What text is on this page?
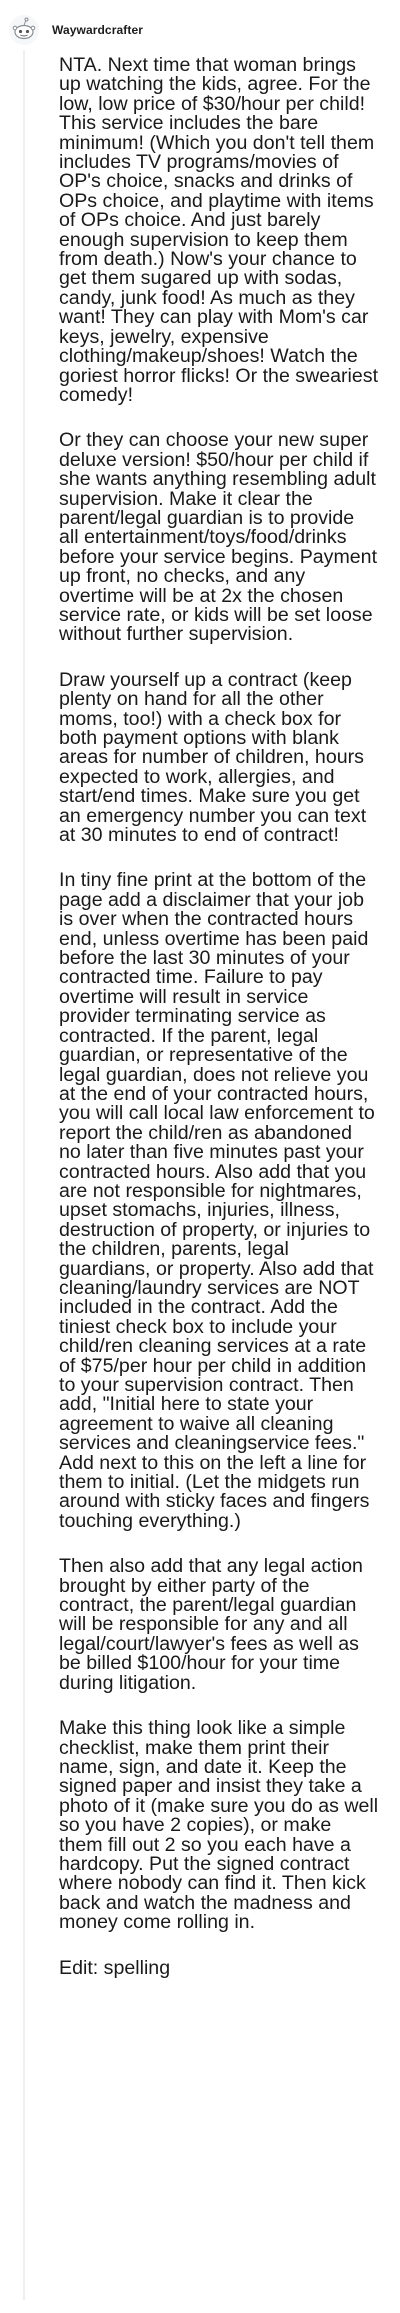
Waywardcrafter

NTA. Next time that woman brings up watching the kids, agree. For the low, low price of $30/hour per child! This service includes the bare minimum! (Which you don't tell them includes TV programs/movies of OP's choice, snacks and drinks of OPs choice, and playtime with items of OPs choice. And just barely enough supervision to keep them from death.) Now's your chance to get them sugared up with sodas, candy, junk food! As much as they want! They can play with Mom's car keys, jewelry, expensive clothing/makeup/shoes! Watch the goriest horror flicks! Or the sweariest comedy!

Or they can choose your new super deluxe version! $50/hour per child if she wants anything resembling adult supervision. Make it clear the parent/legal guardian is to provide all entertainment/toys/food/drinks before your service begins. Payment up front, no checks, and any overtime will be at 2x the chosen service rate, or kids will be set loose without further supervision.

Draw yourself up a contract (keep plenty on hand for all the other moms, too!) with a check box for both payment options with blank areas for number of children, hours expected to work, allergies, and start/end times. Make sure you get an emergency number you can text at 30 minutes to end of contract!

In tiny fine print at the bottom of the page add a disclaimer that your job is over when the contracted hours end, unless overtime has been paid before the last 30 minutes of your contracted time. Failure to pay overtime will result in service provider terminating service as contracted. If the parent, legal guardian, or representative of the legal guardian, does not relieve you at the end of your contracted hours, you will call local law enforcement to report the child/ren as abandoned no later than five minutes past your contracted hours. Also add that you are not responsible for nightmares, upset stomachs, injuries, illness, destruction of property, or injuries to the children, parents, legal guardians, or property. Also add that cleaning/laundry services are NOT included in the contract. Add the tiniest check box to include your child/ren cleaning services at a rate of $75/per hour per child in addition to your supervision contract. Then add, "Initial here to state your agreement to waive all cleaning services and cleaningservice fees." Add next to this on the left a line for them to initial. (Let the midgets run around with sticky faces and fingers touching everything.)

Then also add that any legal action brought by either party of the contract, the parent/legal guardian will be responsible for any and all legal/court/lawyer's fees as well as be billed $100/hour for your time during litigation.

Make this thing look like a simple checklist, make them print their name, sign, and date it. Keep the signed paper and insist they take a photo of it (make sure you do as well so you have 2 copies), or make them fill out 2 so you each have a hardcopy. Put the signed contract where nobody can find it. Then kick back and watch the madness and money come rolling in.

Edit: spelling
